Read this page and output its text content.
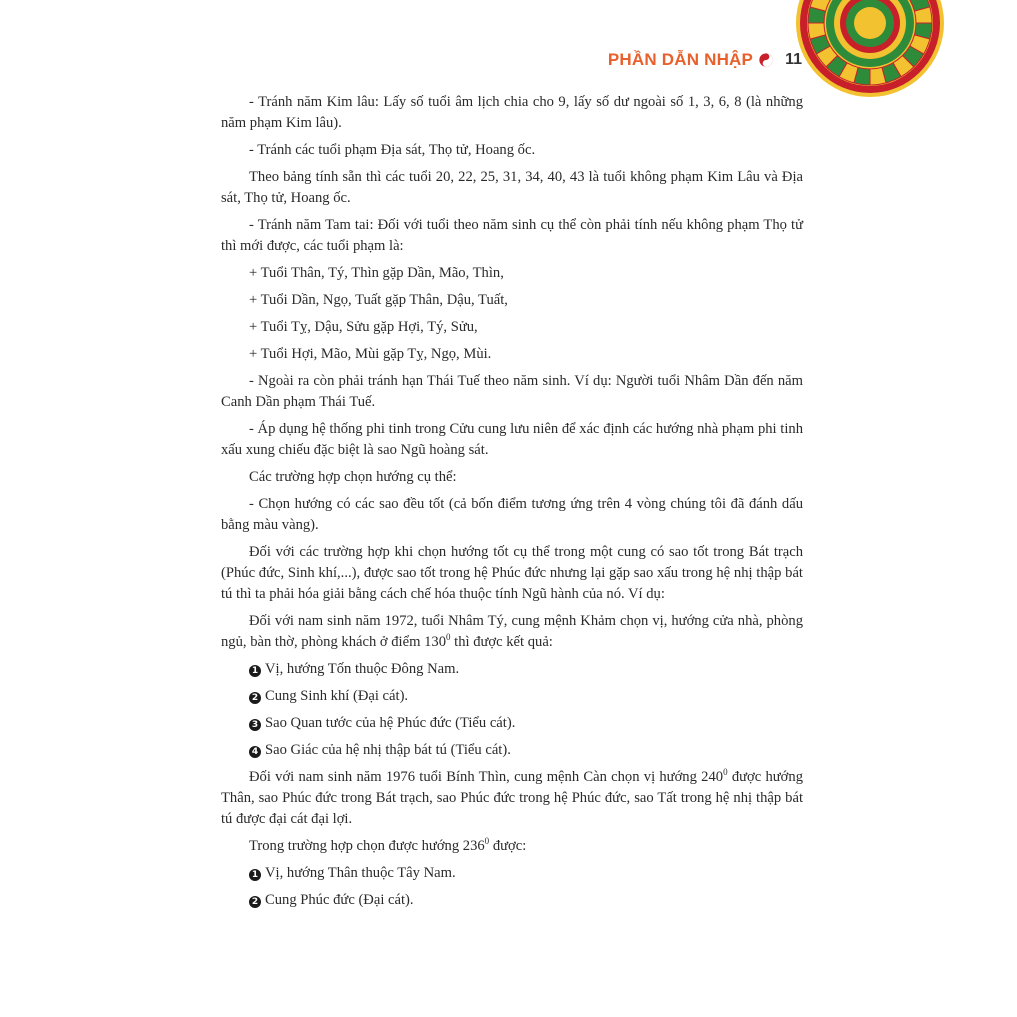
PHẦN DẪN NHẬP 11

- Tránh năm Kim lâu: Lấy số tuổi âm lịch chia cho 9, lấy số dư ngoài số 1, 3, 6, 8 (là những năm phạm Kim lâu).

- Tránh các tuổi phạm Địa sát, Thọ tử, Hoang ốc.

Theo bảng tính sẵn thì các tuổi 20, 22, 25, 31, 34, 40, 43 là tuổi không phạm Kim Lâu và Địa sát, Thọ tử, Hoang ốc.

- Tránh năm Tam tai: Đối với tuổi theo năm sinh cụ thể còn phải tính nếu không phạm Thọ tử thì mới được, các tuổi phạm là:

+ Tuổi Thân, Tý, Thìn gặp Dần, Mão, Thìn,

+ Tuổi Dần, Ngọ, Tuất gặp Thân, Dậu, Tuất,

+ Tuổi Tỵ, Dậu, Sửu gặp Hợi, Tý, Sửu,

+ Tuổi Hợi, Mão, Mùi gặp Tỵ, Ngọ, Mùi.

- Ngoài ra còn phải tránh hạn Thái Tuế theo năm sinh. Ví dụ: Người tuổi Nhâm Dần đến năm Canh Dần phạm Thái Tuế.

- Áp dụng hệ thống phi tinh trong Cửu cung lưu niên để xác định các hướng nhà phạm phi tinh xấu xung chiếu đặc biệt là sao Ngũ hoàng sát.

Các trường hợp chọn hướng cụ thể:

- Chọn hướng có các sao đều tốt (cả bốn điểm tương ứng trên 4 vòng chúng tôi đã đánh dấu bằng màu vàng).

Đối với các trường hợp khi chọn hướng tốt cụ thể trong một cung có sao tốt trong Bát trạch (Phúc đức, Sinh khí,...), được sao tốt trong hệ Phúc đức nhưng lại gặp sao xấu trong hệ nhị thập bát tú thì ta phải hóa giải bằng cách chế hóa thuộc tính Ngũ hành của nó. Ví dụ:

Đối với nam sinh năm 1972, tuổi Nhâm Tý, cung mệnh Khảm chọn vị, hướng cửa nhà, phòng ngủ, bàn thờ, phòng khách ở điểm $130^0$ thì được kết quả:

1 Vị, hướng Tốn thuộc Đông Nam.

2 Cung Sinh khí (Đại cát).

3 Sao Quan tước của hệ Phúc đức (Tiểu cát).

4 Sao Giác của hệ nhị thập bát tú (Tiểu cát).

Đối với nam sinh năm 1976 tuổi Bính Thìn, cung mệnh Càn chọn vị hướng $240^0$ được hướng Thân, sao Phúc đức trong Bát trạch, sao Phúc đức trong hệ Phúc đức, sao Tất trong hệ nhị thập bát tú được đại cát đại lợi.

Trong trường hợp chọn được hướng $236^0$ được:

1 Vị, hướng Thân thuộc Tây Nam.

2 Cung Phúc đức (Đại cát).
